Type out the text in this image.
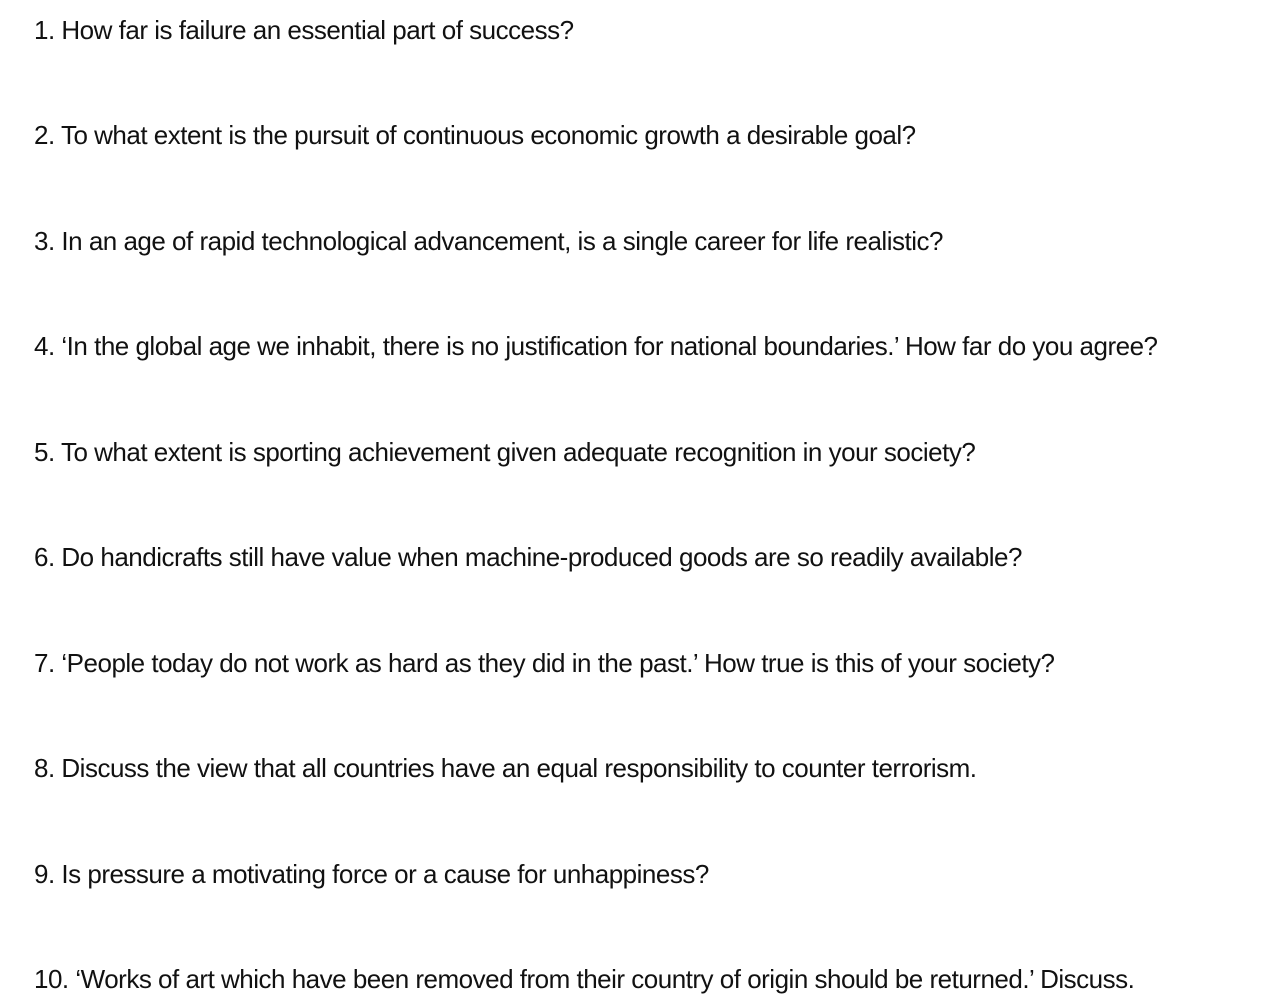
1. How far is failure an essential part of success?
2. To what extent is the pursuit of continuous economic growth a desirable goal?
3. In an age of rapid technological advancement, is a single career for life realistic?
4. ‘In the global age we inhabit, there is no justification for national boundaries.’ How far do you agree?
5. To what extent is sporting achievement given adequate recognition in your society?
6. Do handicrafts still have value when machine-produced goods are so readily available?
7. ‘People today do not work as hard as they did in the past.’ How true is this of your society?
8. Discuss the view that all countries have an equal responsibility to counter terrorism.
9. Is pressure a motivating force or a cause for unhappiness?
10. ‘Works of art which have been removed from their country of origin should be returned.’ Discuss.
